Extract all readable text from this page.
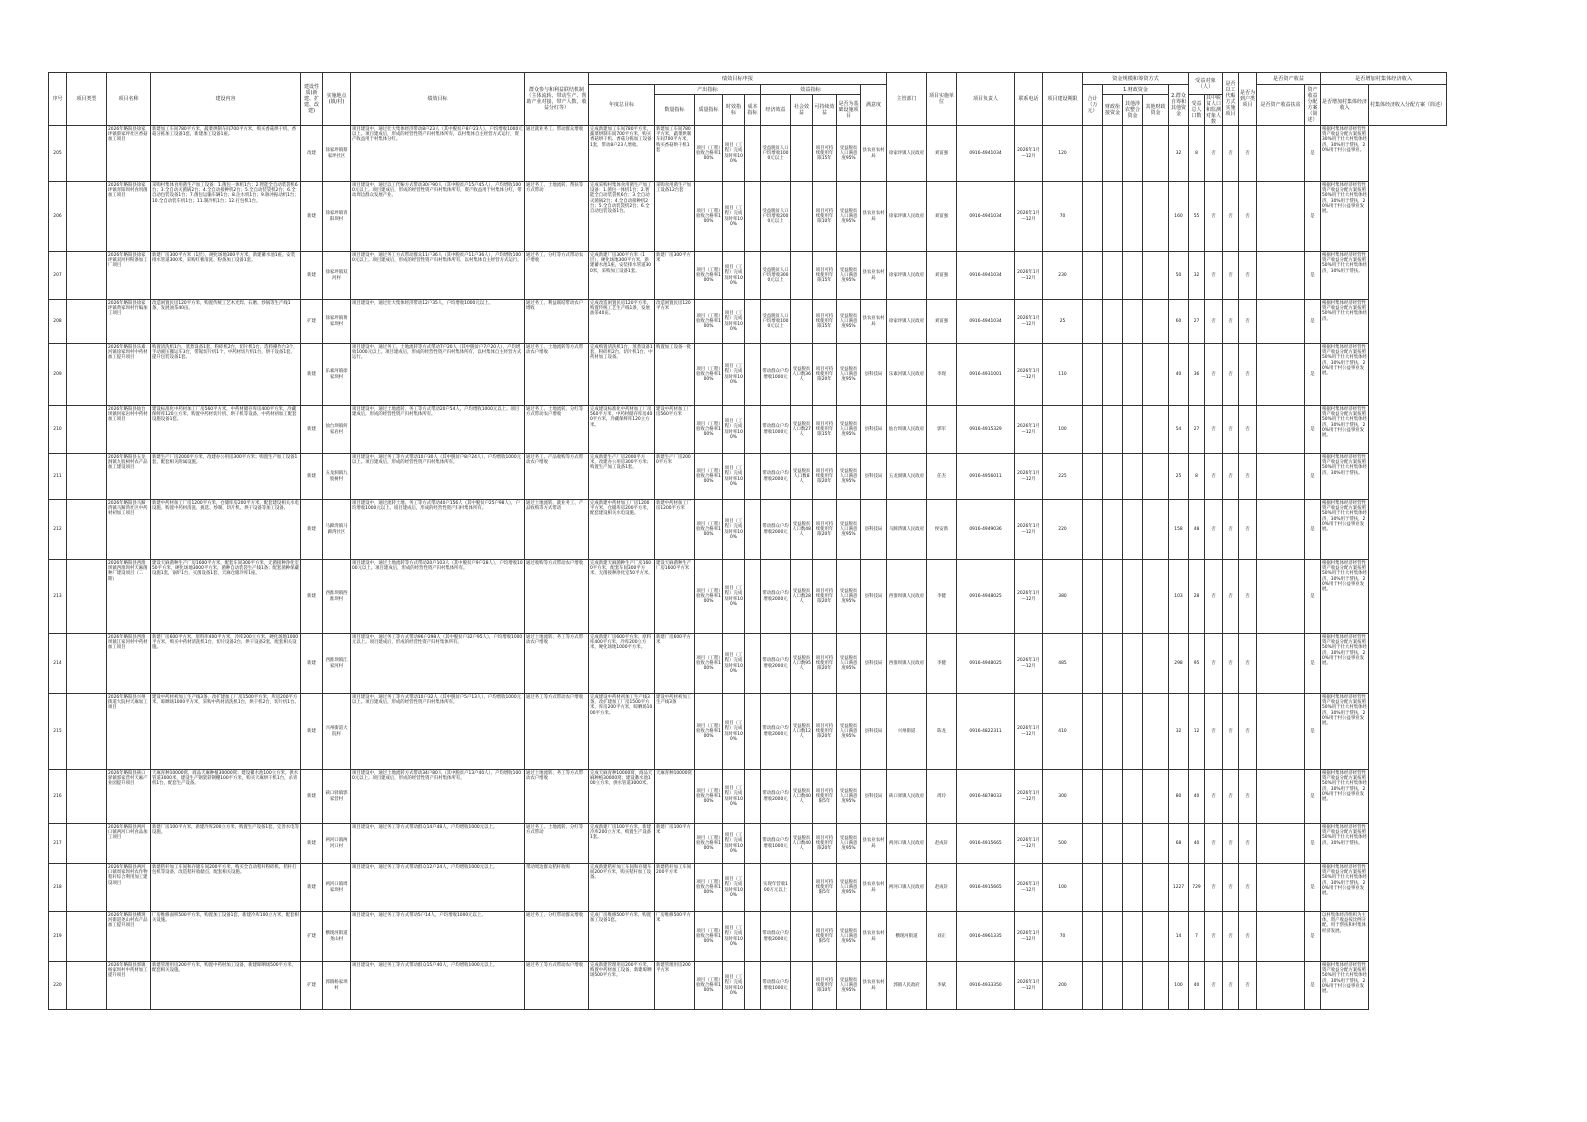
序号	项目类型	项目名称	建设内容	建设性质(新建、扩建、改建)	实施地点(镇/村)	绩效目标	群众参与和利益联结机制（主体流转、带动生产、帮助产业对接，带产人数、收益分红等）	绩效目标申报										主管部门	项目实施单位	项目负责人	联系电话	项目建设期限	资金规模和筹资方式					受益对象（人）		是否以工代赈方式实施项目	是否为到户类项目	是否资产收益		是否增加村集体经济收入	
								年度总目标	产出指标				效益指标				满意度						合计（万元）	1.财政资金			2.群众自筹和其他资金					是否资产收益扶贫	资产收益分配方案（简述）	是否增加村集体经济收入	村集体经济收入分配方案（简述）
									数量指标	质量指标	时效指标	成本指标	经济效益	社会效益	可持续效益	是否为基础设施项目								财政衔接资金	其他涉农整合资金	其他财政资金		受益总人口数	其中脱贫人口和监测对象人数						

205		2026年略阳县徐家坪镇蔡家坪社区香菇加工项目	新建加工车间780平方米，蔬菜烘制车间700平方米，购买香菇烘干机、香菇分拣加工设备1套，新建加工设备1座。	改建	徐家坪镇蔡家坪社区	项目建设中，通过壮大集体经济带动8户23人（其中脱贫户8户23人），户均增收1000元以上。项目建成后，形成的经营性资产归村集体所有，以村集体自主经营方式运行，资产收益用于村集体分红。	通过就业务工、带动群众增收	完成新建加工车间780平方米，蔬菜烘制车间700平方米，购买香菇烘干机、香菇分拣加工设备1套，带动8户23人增收。	新建加工车间780平方米，蔬菜烘制车间700平方米，购买香菇烘干机1套	项目（工程）验收合格率100%	项目（工程）完成及时率100%		受益脱贫人口户均增收1000元以上		项目可持续使用年限15年	受益脱贫人口满意度95%	县农业农村局	徐家坪镇人民政府	刘富强	0916-4941034	2026年1月—12月	120					32	8	否	否	否		是	根据村集体经济经营性资产收益分配方案按照30%用于壮大村集体经济，30%用于帮扶，20%用于村公益事业。	
206		2026年略阳县徐家坪镇青阳坝村食用菌加工项目	采购村集体食用菌生产加工设备：1.菌包一体机1台；2.智能全自动装袋机6台；3.全自动灭菌锅2台；4.全自动接种机2台；5.全自动装袋机2台；6.全自动包装设备1台；7.菌包运输车辆1台；8.注水机1台；9.脉冲振动机1台；10.全自动装车机1台；11.制冷机1台；12.打包机1台。	新建	徐家坪镇青阳坝村	项目建设中，通过以工代赈方式带动30户90人（其中脱贫户15户45人），户均增收1000元以上。项目建成后，形成的经营性资产归村集体所有，资产收益用于村集体分红，带动周边群众发展产业。	通过务工、土地流转、帮扶等方式带动	完成采购村集体食用菌生产加工设备：1.菌包一体机1台；2.智能全自动装袋机6台；3.全自动灭菌锅2台；4.全自动接种机2台；5.全自动装袋机2台；6.全自动包装设备1台。	采购食用菌生产加工设备12台套	项目（工程）验收合格率100%	项目（工程）完成及时率100%		受益脱贫人口户均增收2000元以上		项目可持续使用年限10年	受益脱贫人口满意度95%	县农业农村局	徐家坪镇人民政府	刘富强	0916-4941034	2026年1月—12月	70					160	55	否	否	否		是	根据村集体经济经营性资产收益分配方案按照50%用于壮大村集体经济，30%用于帮扶，20%用于村公益事业发展。	
207		2026年略阳县徐家坪镇双河村粉条加工厂项目	新建厂房300平方米（1层），硬化场地300平方米，新建蓄水池1座，安装排水管道300米，采购红薯清洗、粉条加工设备1套。	新建	徐家坪镇双河村	项目建设中，通过务工方式带动群众11户36人（其中脱贫户11户36人），户均增收1000元以上。项目建成后，形成的经营性资产归村集体所有，以村集体自主经营方式运行。	通过务工、分红等方式带动农户增收	完成新建厂房300平方米（1层），硬化场地300平方米，新建蓄水池1座，安装排水管道300米，采购加工设备1套。	新建厂房300平方米	项目（工程）验收合格率100%	项目（工程）完成及时率100%		受益脱贫人口户均增收3000元以上		项目可持续使用年限15年	受益脱贫人口满意度95%	县农业农村局	徐家坪镇人民政府	刘富强	0916-4941034	2026年1月—12月	230					50	32	否	否	否		是	根据村集体经济经营性资产收益分配方案按照50%用于壮大村集体经济，30%用于帮扶。	
208		2026年略阳县徐家坪镇黄家坝村竹编加工项目	改造闲置民房120平方米，购置传统工艺木光焊、石磨、炒锅等生产线1条，发展油茶40亩。	扩建	徐家坪镇黄家坝村	项目建设中，通过壮大集体经济带动12户35人，户均增收1000元以上。	通过务工、利益联结带动农户增收	完成改造闲置民房120平方米，购置传统工艺生产线1条，发展油茶40亩。	改造闲置民房120平方米	项目（工程）验收合格率100%	项目（工程）完成及时率100%		受益脱贫人口户均增收1000元以上		项目可持续使用年限15年	受益脱贫人口满意度95%	县农业农村局	徐家坪镇人民政府	刘富强	0916-4941034	2026年1月—12月	25					60	27	否	否	否		是	根据村集体经济经营性资产收益分配方案按照50%用于壮大村集体经济。	
209		2026年略阳县乐素河镇徐家坝村中药材加工提升项目	购置清洗机1台，蒸煮设备1套，粉碎机2台，切片机1台，选料操作台3个，手动液压搬运车3台，带锯切片机1个，中药材切片机1台，烘干设备1套，提升包装设备1套。	新建	乐素河镇徐家坝村	项目建设中，通过务工、土地流转等方式带动7户20人（其中脱贫户7户20人），户均增收1000元以上。项目建成后，形成的经营性资产归村集体所有，以村集体自主经营方式运行。	通过务工、土地流转等方式带动农户增收	完成购置清洗机1台，蒸煮设备1套，粉碎机2台，切片机1台，中药材加工设备。	购置加工设备一批	项目（工程）验收合格率100%	项目（工程）完成及时率100%		带动群众户均增收1000元	受益脱贫人口数36人	项目可持续使用年限20年	受益脱贫人口满意度95%	县科技局	乐素河镇人民政府	李现	0916-4931001	2026年1月—12月	110					40	36	否	否	否		是	根据村集体经济经营性资产收益分配方案按照50%用于壮大村集体经济，30%用于帮扶，20%用于村公益事业发展。	
210		2026年略阳县仙台坝镇何家岩村中药材加工项目	建设标准化中药材加工厂房560平方米，中药材储存库房400平方米，冷藏保鲜库120立方米，购置中药材切片机、烘干机等设备，中药材初加工配套设施设备1套。	新建	仙台坝镇何家岩村	项目建设中，通过土地流转、务工等方式带动20户54人，户均增收1000元以上。项目建成后，形成的经营性资产归村集体所有。	通过务工、土地流转、分红等方式带动农户增收	完成建设标准化中药材加工厂房560平方米，中药材储存库房400平方米，冷藏保鲜库120立方米。	建设中药材加工厂房560平方米	项目（工程）验收合格率100%	项目（工程）完成及时率100%		带动群众户均增收1000元	受益脱贫人口数27人	项目可持续使用年限15年	受益脱贫人口满意度95%	县科技局	仙台坝镇人民政府	郭军	0916-4915329	2026年1月—12月	100					54	27	否	否	否		是	根据村集体经济经营性资产收益分配方案按照50%用于壮大村集体经济，30%用于帮扶，20%用于村公益事业发展。	
211		2026年略阳县五龙洞镇九股树村农产品加工建设项目	新建生产厂房2000平方米，改建办公用房300平方米；购置生产加工设备1套，配套相关附属设施。	新建	五龙洞镇九股树村	项目建设中，通过务工等方式带动10户30人（其中脱贫户8户24人），户均增收1000元以上。项目建成后，形成的经营性资产归村集体所有。	通过务工、产品收购等方式带动农户增收	完成新建生产厂房2000平方米，改建办公用房300平方米；购置生产加工设备1套。	新建生产厂房2000平方米	项目（工程）验收合格率100%	项目（工程）完成及时率100%		带动群众户均增收2000元	受益脱贫人口数8人	项目可持续使用年限20年	受益脱贫人口满意度95%	县科技局	五龙洞镇人民政府	任杰	0916-4956011	2026年1月—12月	225					25	8	否	否	否		是	根据村集体经济经营性资产收益分配方案按照50%用于壮大村集体经济，30%用于帮扶。	
212		2026年略阳县马蹄湾镇马蹄湾社区中药材初加工项目	新建中药材加工厂房1200平方米，仓储库房200平方米，配套建设相关水电设施，购置中药材清洗、挑选、炒制、切片机、烘干设备等加工设备。	新建	马蹄湾镇马蹄湾社区	项目建设中，通过流转土地、务工等方式带动40户156人（其中脱贫户25户98人），户均增收1000元以上。项目建成后，形成的经营性资产归村集体所有。	通过土地流转、就业务工、产品收购等方式带动	完成新建中药材加工厂房1200平方米，仓储库房200平方米，配套建设相关水电设施。	新建中药材加工厂房1200平方米	项目（工程）验收合格率100%	项目（工程）完成及时率100%		带动群众户均增收2000元	受益脱贫人口数48人	项目可持续使用年限20年	受益脱贫人口满意度95%	县科技局	马蹄湾镇人民政府	侯安新	0916-4949036	2026年1月—12月	220					158	48	否	否	否		是	根据村集体经济经营性资产收益分配方案按照50%用于壮大村集体经济，30%用于帮扶，20%用于村公益事业发展。	
213		2026年略阳县西淮坝镇西淮坝村天麻菌种厂建设项目（二期）	建设天麻菌种生产厂房1600平方米，配套车间300平方米，无菌接种净化室50平方米，硬化场地3000平方米，菌种自动装袋生产线1条；配套菌种保藏设施1套，锅炉1台，灭菌设备1套，天麻仓储冷库1座。	新建	西淮坝镇西淮坝村	项目建设中，通过土地流转等方式带动20户103人（其中脱贫户9户28人），户均增收1000元以上。项目建成后，形成的经营性资产归村集体所有。	通过收购等方式带动农户增收	完成新建天麻菌种生产厂房1600平方米，配套车间300平方米，无菌接种净化室50平方米。	建设天麻菌种生产厂房1600平方米	项目（工程）验收合格率100%	项目（工程）完成及时率100%		带动群众户均增收2000元	受益脱贫人口数28人	项目可持续使用年限20年	受益脱贫人口满意度95%	县科技局	西淮坝镇人民政府	李健	0916-4948025	2026年1月—12月	380					103	28	否	否	否		是	根据村集体经济经营性资产收益分配方案按照50%用于壮大村集体经济，30%用于帮扶，20%用于村公益事业发展。	
214		2026年略阳县西淮坝镇江家河村中药材加工项目	新建厂房600平方米，原料库400平方米，冷库200立方米，硬化场地1000平方米，购买中药材清洗机1台，切片设备2台，烘干设备2套，配套相关设施。	新建	西淮坝镇江家河村	项目建设中，通过务工等方式带动96户298人（其中脱贫户32户95人），户均增收1000元以上。项目建成后，形成的经营性资产归村集体所有。	通过土地流转、务工等方式带动农户增收	完成新建厂房600平方米，原料库400平方米，冷库200立方米，硬化场地1000平方米。	新建厂房600平方米	项目（工程）验收合格率100%	项目（工程）完成及时率100%		带动群众户均增收2000元	受益脱贫人口数95人	项目可持续使用年限20年	受益脱贫人口满意度95%	县科技局	西淮坝镇人民政府	李健	0916-4948025	2026年1月—12月	485					298	95	否	否	否		是	根据村集体经济经营性资产收益分配方案按照50%用于壮大村集体经济，30%用于帮扶，20%用于村公益事业发展。	
215		2026年略阳县兴州街道大院村天麻加工项目	建设中药材初加工生产线3条，改扩建加工厂房1500平方米，库房200平方米，晾晒场1000平方米，采购中药材清洗机1台，烘干机2台，切片机1台。	新建	兴州街道大院村	项目建设中，通过务工等方式带动10户32人（其中脱贫户5户13人），户均增收1000元以上。项目建成后，形成的经营性资产归村集体所有。	通过务工等方式带动农户增收	完成建设中药材初加工生产线3条，改扩建加工厂房1500平方米，库房200平方米，晾晒场1000平方米。	建设中药材初加工生产线3条	项目（工程）验收合格率100%	项目（工程）完成及时率100%		带动群众户均增收2000元	受益脱贫人口数12人	项目可持续使用年限20年	受益脱贫人口满意度95%	县科技局	兴州街道	陈龙	0916-4822311	2026年1月—12月	410					32	12	否	否	否		是	根据村集体经济经营性资产收益分配方案按照50%用于壮大村集体经济，30%用于帮扶，20%用于村公益事业发展。	
216		2026年略阳县硖口驿镇郭家营村天麻产业园提升项目	天麻育种10000窝，商品天麻种植30000窝；建设蓄水池100立方米，供水管道3000米，建设生产钢架彩钢棚100平方米，购买天麻烘干机1台，杀青机1台，配套生产设备。	新建	硖口驿镇郭家营村	项目建设中，通过土地流转方式带动34户80人（其中脱贫户13户40人），户均增收1000元以上。项目建成后，形成的经营性资产归村集体所有。	通过土地流转、务工等方式带动农户增收	完成天麻育种10000窝，商品天麻种植30000窝；建设蓄水池100立方米，供水管道3000米。	天麻育种10000窝	项目（工程）验收合格率100%	项目（工程）完成及时率100%		带动群众户均增收2000元	受益脱贫人口数40人	项目可持续使用年限5年	受益脱贫人口满意度95%	县科技局	硖口驿镇人民政府	周玲	0916-4878033	2026年1月—12月	300					80	40	否	否	否		是	根据村集体经济经营性资产收益分配方案按照50%用于壮大村集体经济，30%用于帮扶，20%用于村公益事业发展。	
217		2026年略阳县两河口镇两河口村食品加工项目	新建厂房100平方米，新建冷库200立方米，购置生产设备1套，完善水电等设施。	新建	两河口镇两河口村	项目建设中，通过务工等方式带动群众14户48人，户均增收1000元以上。	通过务工、土地流转、分红等方式带动	完成新建厂房100平方米，新建冷库200立方米，购置生产设备1套。	新建厂房100平方米	项目（工程）验收合格率100%	项目（工程）完成及时率100%		带动群众户均增收1000元	受益脱贫人口数40人	项目可持续使用年限20年	受益脱贫人口满意度95%	县农业农村局	两河口镇人民政府	赵成轩	0916-4915665	2026年1月—12月	500					68	40	否	否	否		是	根据村集体经济经营性资产收益分配方案按照50%用于壮大村集体经济，30%用于帮扶。	
218		2026年略阳县两河口镇周家坝村农作物秸秆综合利用加工建设项目	新建秸秆加工车间和存储车间200平方米，购买全自动秸秆粉碎机、秸秆打包机等设备，改造秸秆收储点，配套相关设施。	新建	两河口镇周家坝村	项目建设中，通过务工等方式带动群众12户24人，户均增收1000元以上。	带动周边群众秸秆收购	完成新建秸秆加工车间和存储车间200平方米，购买秸秆加工设备。	新建秸秆加工车间200平方米	项目（工程）验收合格率100%	项目（工程）完成及时率100%		实现年营收100万元以上		项目可持续使用年限5年	受益脱贫人口满意度95%	县农业农村局	两河口镇人民政府	赵成轩	0916-4915665	2026年1月—12月	100					1227	729	否	否	否		是	根据村集体经济经营性资产收益分配方案按照50%用于壮大村集体经济，30%用于帮扶，20%用于村公益事业发展。	
219		2026年略阳县横现河街道尧山村农产品加工提升项目	厂房维修面积500平方米，购置加工设备1套，新建冷库100立方米，配套相关设施。	扩建	横现河街道尧山村	项目建设中，通过务工等方式带动5户14人，户均增收1000元以上。	通过务工、分红带动群众增收	完成厂房维修500平方米，购置加工设备1套。	厂房维修500平方米	项目（工程）验收合格率100%	项目（工程）完成及时率100%		带动群众户均增收2000元		项目可持续使用年限5年	受益脱贫人口满意度95%	县农业农村局	横现河街道	刘正	0916-4961335	2026年1月—12月	70					14	7	否	否	否		是	以村集体经济组织为主体，资产收益按比例分配，用于帮扶和村集体经济发展。	
220		2026年略阳县郭镇杨家坝村中药材加工提升项目	新建管理用房200平方米，购置中药材加工设备，新建晾晒场500平方米，配套相关设施。	扩建	郭镇杨家坝村	项目建设中，通过务工等方式带动群众15户40人，户均增收1000元以上。	通过务工等方式带动农户增收	完成新建管理用房200平方米，购置中药材加工设备，新建晾晒场500平方米。	新建管理用房200平方米	项目（工程）验收合格率100%	项目（工程）完成及时率100%		带动群众户均增收1000元		项目可持续使用年限10年	受益脱贫人口满意度95%	县农业农村局	郭镇人民政府	李斌	0916-4933350	2026年1月—12月	200					100	40	否	否	否		是	根据村集体经济经营性资产收益分配方案按照50%用于壮大村集体经济，30%用于帮扶，20%用于村公益事业发展。	
